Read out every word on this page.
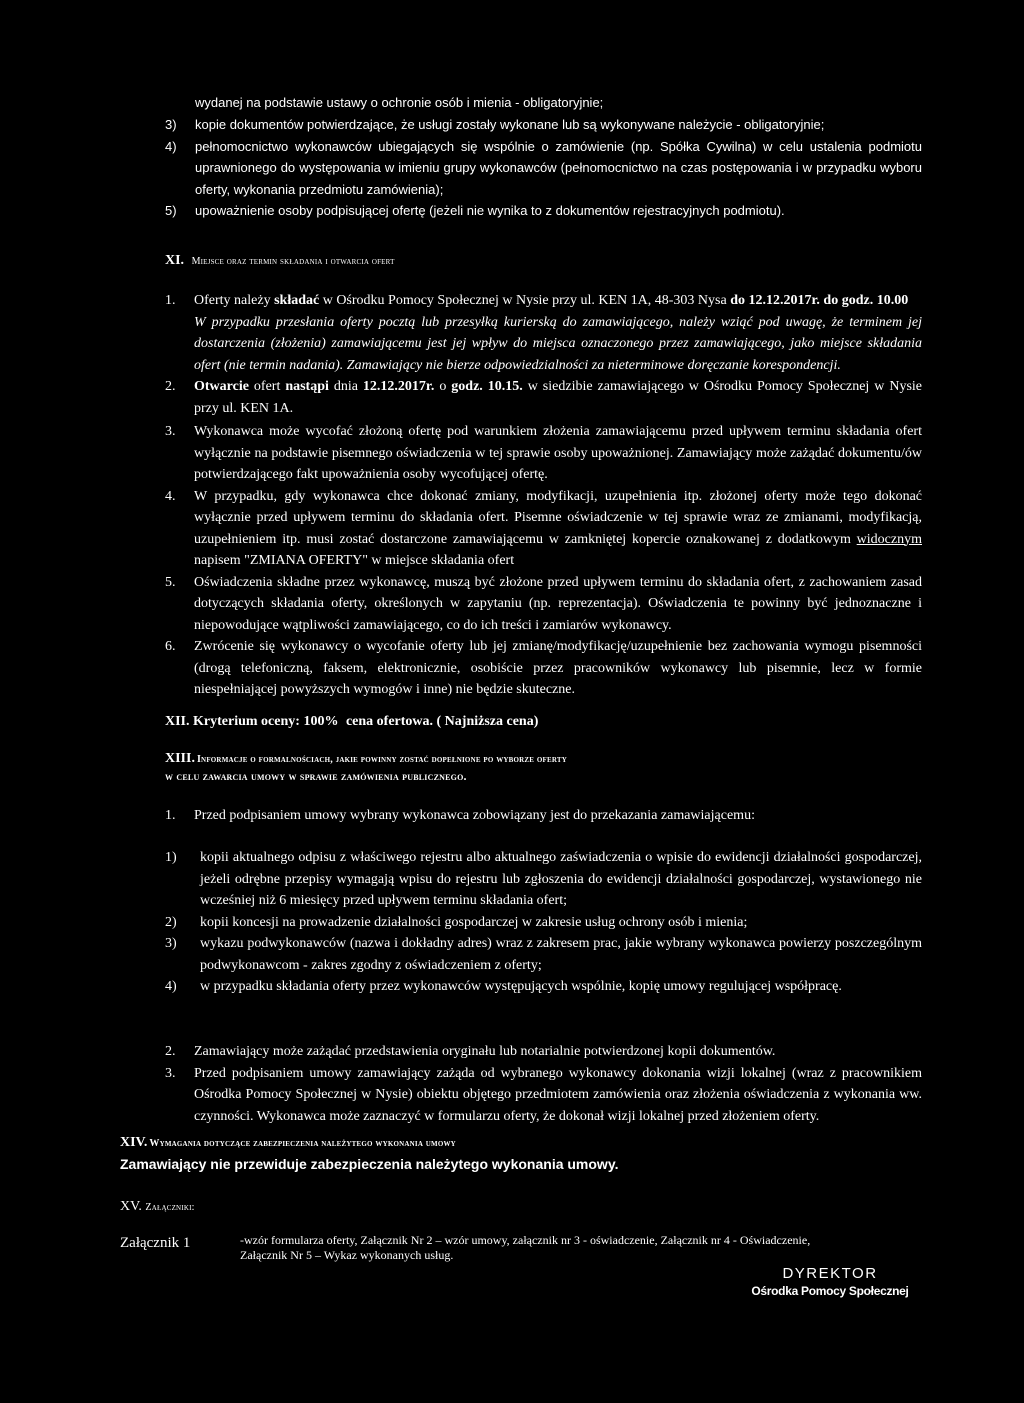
wydanej na podstawie ustawy o ochronie osób i mienia - obligatoryjnie;

3)	kopie dokumentów potwierdzające, że usługi zostały wykonane lub są wykonywane należycie - obligatoryjnie;
4)	pełnomocnictwo wykonawców ubiegających się wspólnie o zamówienie (np. Spółka Cywilna) w celu ustalenia podmiotu uprawnionego do występowania w imieniu grupy wykonawców (pełnomocnictwo na czas postępowania i w przypadku wyboru oferty, wykonania przedmiotu zamówienia);
5)	upoważnienie osoby podpisującej ofertę (jeżeli nie wynika to z dokumentów rejestracyjnych podmiotu).
XI. Miejsce oraz termin składania i otwarcia ofert
1.	Oferty należy składać w Ośrodku Pomocy Społecznej w Nysie przy ul. KEN 1A, 48-303 Nysa do 12.12.2017r. do godz. 10.00

W przypadku przesłania oferty pocztą lub przesyłką kurierską do zamawiającego, należy wziąć pod uwagę, że terminem jej dostarczenia (złożenia) zamawiającemu jest jej wpływ do miejsca oznaczonego przez zamawiającego, jako miejsce składania ofert (nie termin nadania). Zamawiający nie bierze odpowiedzialności za nieterminowe doręczanie korespondencji.

2.	Otwarcie ofert nastąpi dnia 12.12.2017r. o godz. 10.15. w siedzibie zamawiającego w Ośrodku Pomocy Społecznej w Nysie przy ul. KEN 1A.

3.	Wykonawca może wycofać złożoną ofertę pod warunkiem złożenia zamawiającemu przed upływem terminu składania ofert wyłącznie na podstawie pisemnego oświadczenia w tej sprawie osoby upoważnionej. Zamawiający może zażądać dokumentu/ów potwierdzającego fakt upoważnienia osoby wycofującej ofertę.

4.	W przypadku, gdy wykonawca chce dokonać zmiany, modyfikacji, uzupełnienia itp. złożonej oferty może tego dokonać wyłącznie przed upływem terminu do składania ofert. Pisemne oświadczenie w tej sprawie wraz ze zmianami, modyfikacją, uzupełnieniem itp. musi zostać dostarczone zamawiającemu w zamkniętej kopercie oznakowanej z dodatkowym widocznym napisem "ZMIANA OFERTY" w miejsce składania ofert

5.	Oświadczenia składne przez wykonawcę, muszą być złożone przed upływem terminu do składania ofert, z zachowaniem zasad dotyczących składania oferty, określonych w zapytaniu (np. reprezentacja). Oświadczenia te powinny być jednoznaczne i niepowodujące wątpliwości zamawiającego, co do ich treści i zamiarów wykonawcy.

6.	Zwrócenie się wykonawcy o wycofanie oferty lub jej zmianę/modyfikację/uzupełnienie bez zachowania wymogu pisemności (drogą telefoniczną, faksem, elektronicznie, osobiście przez pracowników wykonawcy lub pisemnie, lecz w formie niespełniającej powyższych wymogów i inne) nie będzie skuteczne.

XII. Kryterium oceny: 100% cena ofertowa. ( Najniższa cena)
XIII. Informacje o formalnościach, jakie powinny zostać dopełnione po wyborze oferty
w celu zawarcia umowy w sprawie zamówienia publicznego.
1.	Przed podpisaniem umowy wybrany wykonawca zobowiązany jest do przekazania zamawiającemu:

1)	kopii aktualnego odpisu z właściwego rejestru albo aktualnego zaświadczenia o wpisie do ewidencji działalności gospodarczej, jeżeli odrębne przepisy wymagają wpisu do rejestru lub zgłoszenia do ewidencji działalności gospodarczej, wystawionego nie wcześniej niż 6 miesięcy przed upływem terminu składania ofert;

2)	kopii koncesji na prowadzenie działalności gospodarczej w zakresie usług ochrony osób i mienia;

3)	wykazu podwykonawców (nazwa i dokładny adres) wraz z zakresem prac, jakie wybrany wykonawca powierzy poszczególnym podwykonawcom - zakres zgodny z oświadczeniem z oferty;

4)	w przypadku składania oferty przez wykonawców występujących wspólnie, kopię umowy regulującej współpracę.

2.	Zamawiający może zażądać przedstawienia oryginału lub notarialnie potwierdzonej kopii dokumentów.

3.	Przed podpisaniem umowy zamawiający zażąda od wybranego wykonawcy dokonania wizji lokalnej (wraz z pracownikiem Ośrodka Pomocy Społecznej w Nysie) obiektu objętego przedmiotem zamówienia oraz złożenia oświadczenia z wykonania ww. czynności. Wykonawca może zaznaczyć w formularzu oferty, że dokonał wizji lokalnej przed złożeniem oferty.

XIV. Wymagania dotyczące zabezpieczenia należytego wykonania umowy
Zamawiający nie przewiduje zabezpieczenia należytego wykonania umowy.
XV. Załączniki:
Załącznik 1	-wzór formularza oferty, Załącznik Nr 2 – wzór umowy, załącznik nr 3 - oświadczenie, Załącznik nr 4 - Oświadczenie,
Załącznik Nr 5 – Wykaz wykonanych usług.
DYREKTOR
Ośrodka Pomocy Społecznej
